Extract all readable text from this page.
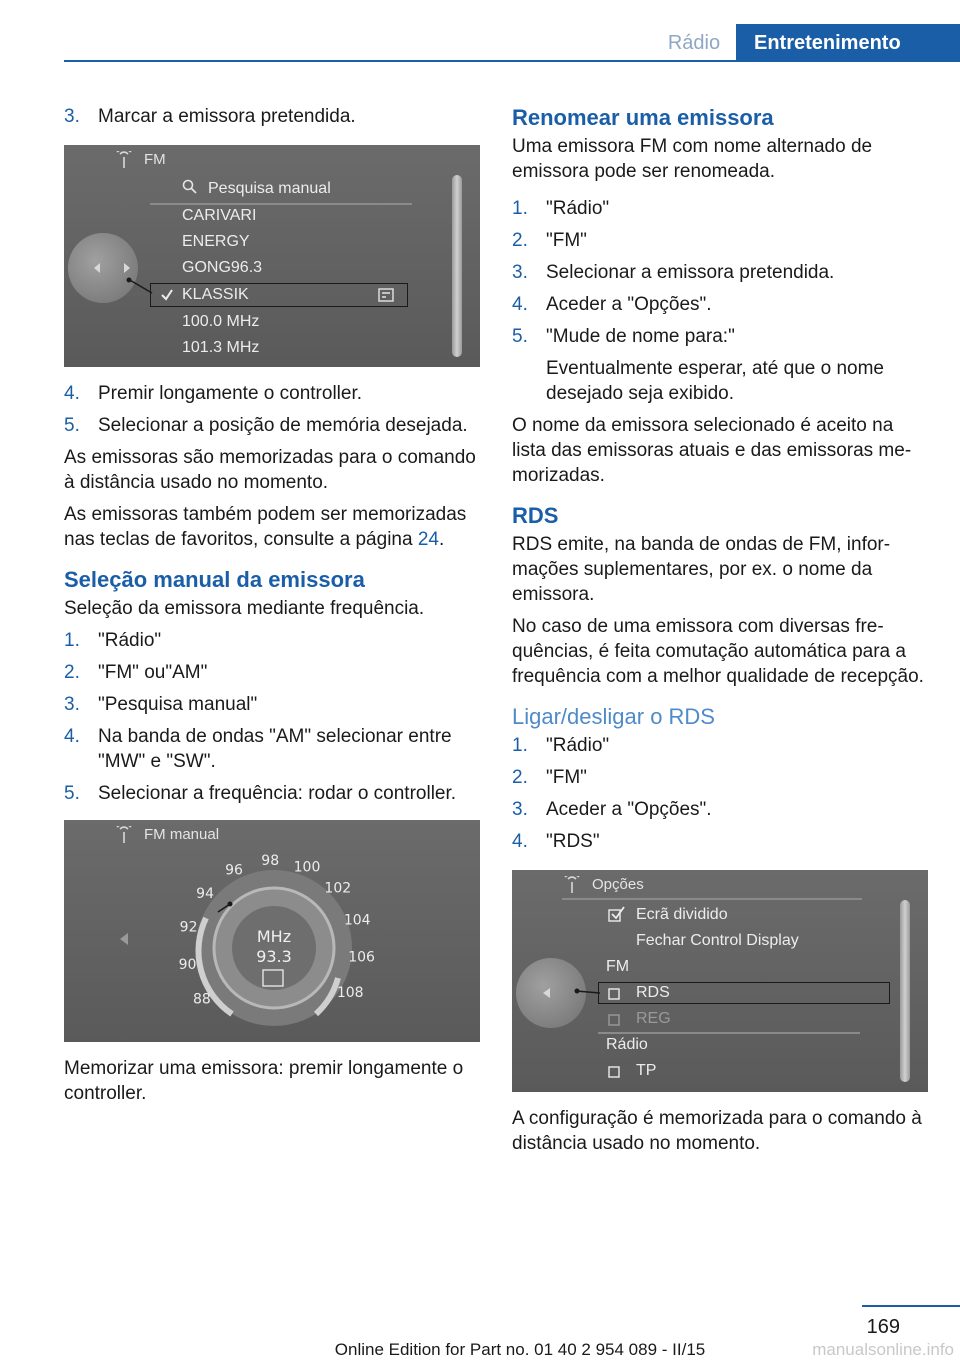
Rádio	Entretenimento
3. Marcar a emissora pretendida.
FM
Pesquisa manual
CARIVARI
ENERGY
GONG96.3
KLASSIK
100.0 MHz
101.3 MHz
4. Premir longamente o controller.
5. Selecionar a posição de memória desejada.

As emissoras são memorizadas para o comando à distância usado no momento.

As emissoras também podem ser memorizadas nas teclas de favoritos, consulte a página 24.

Seleção manual da emissora

Seleção da emissora mediante frequência.

1. "Rádio"
2. "FM" ou"AM"
3. "Pesquisa manual"
4. Na banda de ondas "AM" selecionar entre "MW" e "SW".
5. Selecionar a frequência: rodar o controller.
FM manual
88
90
92
94
96
98 100
102
104
106
108
MHz
93.3

Memorizar uma emissora: premir longamente o controller.

Renomear uma emissora

Uma emissora FM com nome alternado de emissora pode ser renomeada.

1. "Rádio"
2. "FM"
3. Selecionar a emissora pretendida.
4. Aceder a "Opções".
5. "Mude de nome para:"
Eventualmente esperar, até que o nome desejado seja exibido.

O nome da emissora selecionado é aceito na lista das emissoras atuais e das emissoras memorizadas.

RDS

RDS emite, na banda de ondas de FM, informações suplementares, por ex. o nome da emissora.

No caso de uma emissora com diversas frequências, é feita comutação automática para a frequência com a melhor qualidade de recepção.

Ligar/desligar o RDS
1. "Rádio"
2. "FM"
3. Aceder a "Opções".
4. "RDS"
Opções
Ecrã dividido
Fechar Control Display
FM
RDS
REG
Rádio
TP

A configuração é memorizada para o comando à distância usado no momento.

169
Online Edition for Part no. 01 40 2 954 089 - II/15	manualsonline.info
